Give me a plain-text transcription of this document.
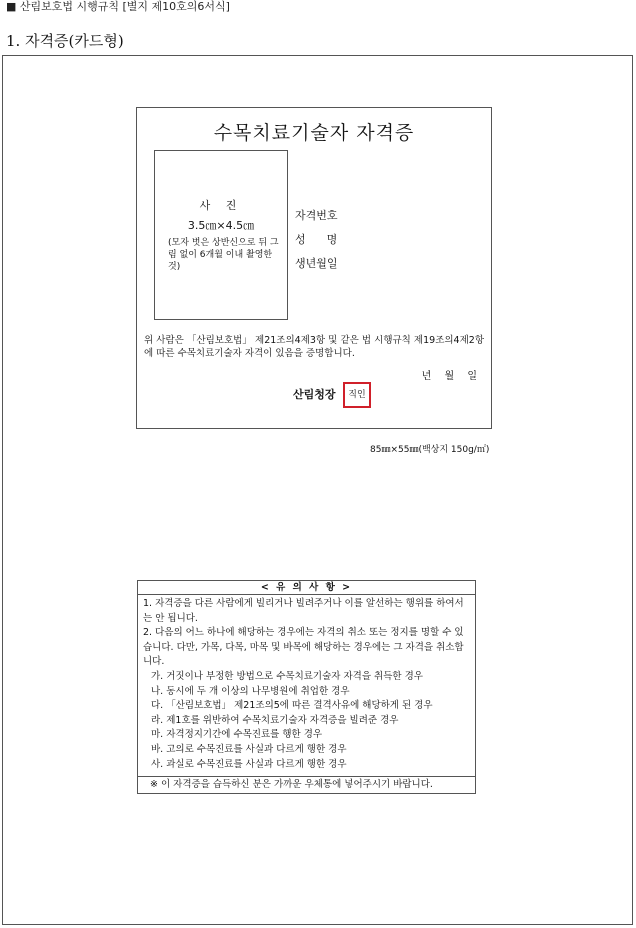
■ 산림보호법 시행규칙 [별지 제10호의6서식]
1. 자격증(카드형)
수목치료기술자 자격증
사 진
3.5㎝×4.5㎝
(모자 벗은 상반신으로 뒤 그림 없이 6개월 이내 촬영한 것)
자격번호
성      명
생년월일
위 사람은 「산림보호법」 제21조의4제3항 및 같은 법 시행규칙 제19조의4제2항에 따른 수목치료기술자 자격이 있음을 증명합니다.
년 월 일
산림청장	직인
85㎜×55㎜(백상지 150g/㎡)
< 유 의 사 항 >
1. 자격증을 다른 사람에게 빌리거나 빌려주거나 이를 알선하는 행위를 하여서는 안 됩니다.
2. 다음의 어느 하나에 해당하는 경우에는 자격의 취소 또는 정지를 명할 수 있습니다. 다만, 가목, 다목, 마목 및 바목에 해당하는 경우에는 그 자격을 취소합니다.
가. 거짓이나 부정한 방법으로 수목치료기술자 자격을 취득한 경우
나. 동시에 두 개 이상의 나무병원에 취업한 경우
다. 「산림보호법」 제21조의5에 따른 결격사유에 해당하게 된 경우
라. 제1호를 위반하여 수목치료기술자 자격증을 빌려준 경우
마. 자격정지기간에 수목진료를 행한 경우
바. 고의로 수목진료를 사실과 다르게 행한 경우
사. 과실로 수목진료를 사실과 다르게 행한 경우
※ 이 자격증을 습득하신 분은 가까운 우체통에 넣어주시기 바랍니다.
